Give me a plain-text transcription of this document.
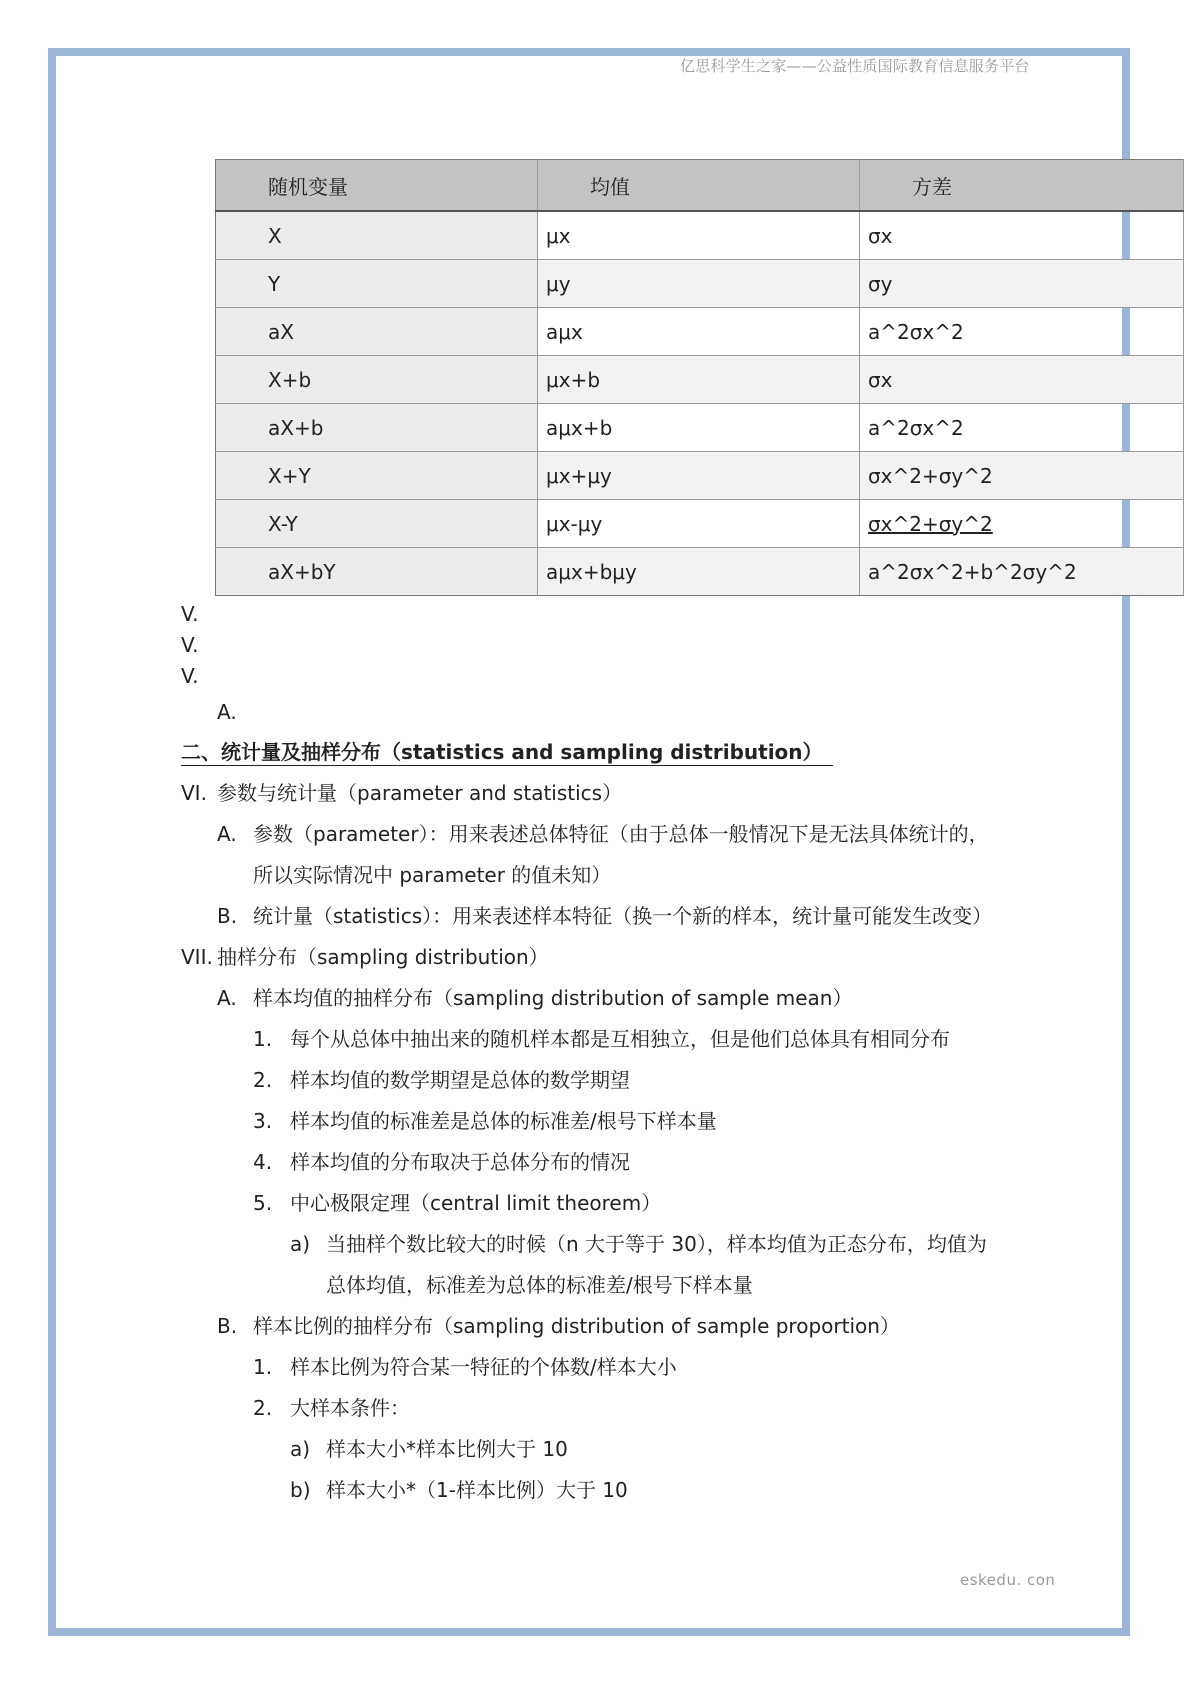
亿思科学生之家——公益性质国际教育信息服务平台
随机变量	均值	方差
X	μx	σx
Y	μy	σy
aX	aμx	a^2σx^2
X+b	μx+b	σx
aX+b	aμx+b	a^2σx^2
X+Y	μx+μy	σx^2+σy^2
X-Y	μx-μy	σx^2+σy^2
aX+bY	aμx+bμy	a^2σx^2+b^2σy^2
V.
V.
V.
A.
二、统计量及抽样分布（statistics and sampling distribution）
VI. 参数与统计量（parameter and statistics）
A. 参数（parameter）：用来表述总体特征（由于总体一般情况下是无法具体统计的，
所以实际情况中 parameter 的值未知）
B. 统计量（statistics）：用来表述样本特征（换一个新的样本，统计量可能发生改变）
VII. 抽样分布（sampling distribution）
A. 样本均值的抽样分布（sampling distribution of sample mean）
1. 每个从总体中抽出来的随机样本都是互相独立，但是他们总体具有相同分布
2. 样本均值的数学期望是总体的数学期望
3. 样本均值的标准差是总体的标准差/根号下样本量
4. 样本均值的分布取决于总体分布的情况
5. 中心极限定理（central limit theorem）
a) 当抽样个数比较大的时候（n 大于等于 30），样本均值为正态分布，均值为
总体均值，标准差为总体的标准差/根号下样本量
B. 样本比例的抽样分布（sampling distribution of sample proportion）
1. 样本比例为符合某一特征的个体数/样本大小
2. 大样本条件：
a) 样本大小*样本比例大于 10
b) 样本大小*（1-样本比例）大于 10
eskedu. con
